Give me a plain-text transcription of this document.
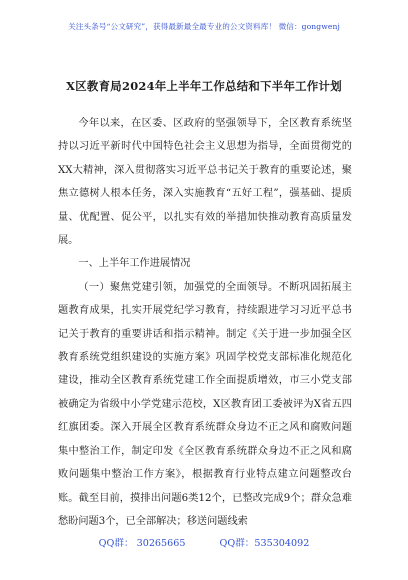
关注头条号“公文研究”，获得最新最全最专业的公文资料库！ 微信：gongwenj
X区教育局2024年上半年工作总结和下半年工作计划

今年以来，在区委、区政府的坚强领导下，全区教育系统坚持以习近平新时代中国特色社会主义思想为指导，全面贯彻党的XX大精神，深入贯彻落实习近平总书记关于教育的重要论述，聚焦立德树人根本任务，深入实施教育“五好工程”，强基础、提质量、优配置、促公平，以扎实有效的举措加快推动教育高质量发展。

一、上半年工作进展情况

（一）聚焦党建引领，加强党的全面领导。不断巩固拓展主题教育成果，扎实开展党纪学习教育，持续跟进学习习近平总书记关于教育的重要讲话和指示精神。制定《关于进一步加强全区教育系统党组织建设的实施方案》巩固学校党支部标准化规范化建设，推动全区教育系统党建工作全面提质增效，市三小党支部被确定为省级中小学党建示范校，X区教育团工委被评为X省五四红旗团委。深入开展全区教育系统群众身边不正之风和腐败问题集中整治工作，制定印发《全区教育系统群众身边不正之风和腐败问题集中整治工作方案》，根据教育行业特点建立问题整改台账。截至目前，摸排出问题6类12个，已整改完成9个；群众急难愁盼问题3个，已全部解决；移送问题线索

QQ群： 30265665	QQ群：535304092
